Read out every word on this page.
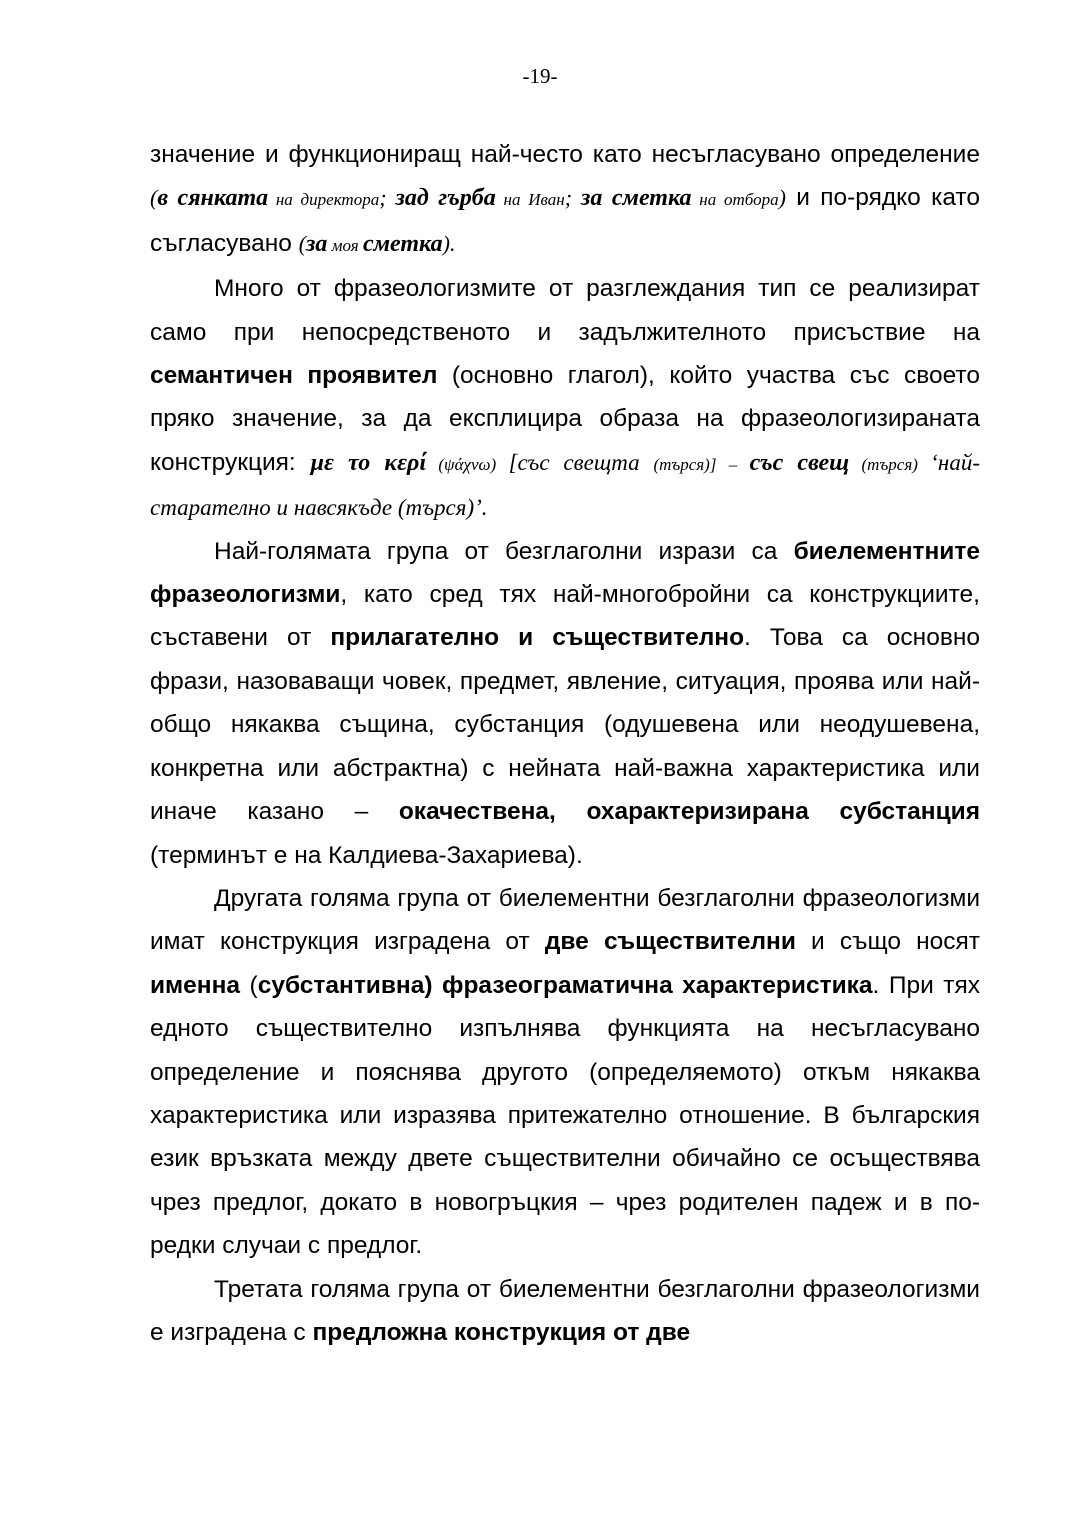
-19-

значение и функциониращ най-често като несъгласувано определение (в сянката на директора; зад гърба на Иван; за сметка на отбора) и по-рядко като съгласувано (за моя сметка).

Много от фразеологизмите от разглеждания тип се реализират само при непосредственото и задължителното присъствие на семантичен проявител (основно глагол), който участва със своето пряко значение, за да експлицира образа на фразеологизираната конструкция: με το κερί (ψάχνω) [със свещта (търся)] – със свещ (търся) ‘най-старателно и навсякъде (търся)’.

Най-голямата група от безглаголни изрази са биелементните фразеологизми, като сред тях най-многобройни са конструкциите, съставени от прилагателно и съществително. Това са основно фрази, назоваващи човек, предмет, явление, ситуация, проява или най-общо някаква същина, субстанция (одушевена или неодушевена, конкретна или абстрактна) с нейната най-важна характеристика или иначе казано – окачествена, охарактеризирана субстанция (терминът е на Калдиева-Захариева).

Другата голяма група от биелементни безглаголни фразеологизми имат конструкция изградена от две съществителни и също носят именна (субстантивна) фразеограматична характеристика. При тях едното съществително изпълнява функцията на несъгласувано определение и пояснява другото (определяемото) откъм някаква характеристика или изразява притежателно отношение. В българския език връзката между двете съществителни обичайно се осъществява чрез предлог, докато в новогръцкия – чрез родителен падеж и в по-редки случаи с предлог.

Третата голяма група от биелементни безглаголни фразеологизми е изградена с предложна конструкция от две
